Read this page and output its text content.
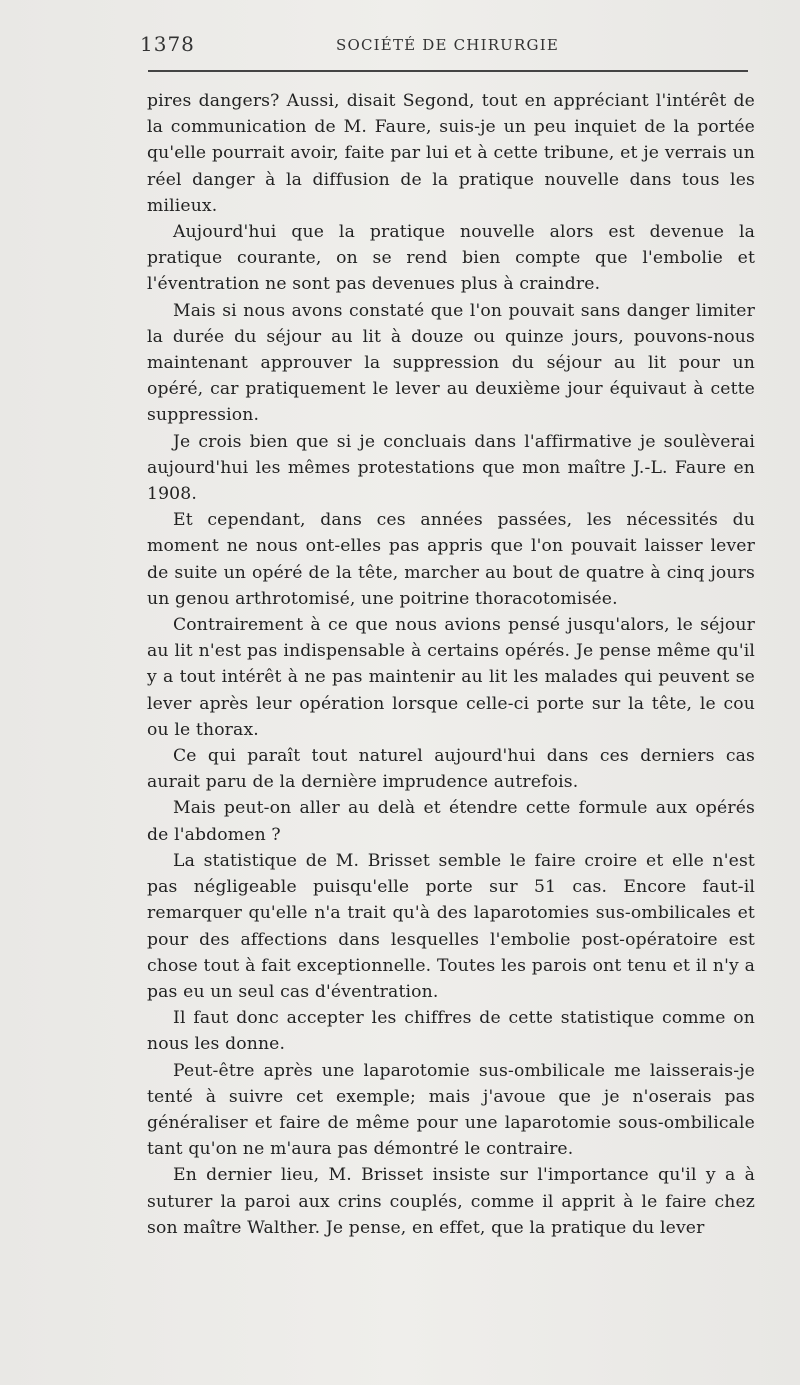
1378	SOCIÉTÉ DE CHIRURGIE

pires dangers? Aussi, disait Segond, tout en appréciant l'intérêt de la communication de M. Faure, suis-je un peu inquiet de la portée qu'elle pourrait avoir, faite par lui et à cette tribune, et je verrais un réel danger à la diffusion de la pratique nouvelle dans tous les milieux.

Aujourd'hui que la pratique nouvelle alors est devenue la pratique courante, on se rend bien compte que l'embolie et l'éventration ne sont pas devenues plus à craindre.

Mais si nous avons constaté que l'on pouvait sans danger limiter la durée du séjour au lit à douze ou quinze jours, pouvons-nous maintenant approuver la suppression du séjour au lit pour un opéré, car pratiquement le lever au deuxième jour équivaut à cette suppression.

Je crois bien que si je concluais dans l'affirmative je soulèverai aujourd'hui les mêmes protestations que mon maître J.-L. Faure en 1908.

Et cependant, dans ces années passées, les nécessités du moment ne nous ont-elles pas appris que l'on pouvait laisser lever de suite un opéré de la tête, marcher au bout de quatre à cinq jours un genou arthrotomisé, une poitrine thoracotomisée.

Contrairement à ce que nous avions pensé jusqu'alors, le séjour au lit n'est pas indispensable à certains opérés. Je pense même qu'il y a tout intérêt à ne pas maintenir au lit les malades qui peuvent se lever après leur opération lorsque celle-ci porte sur la tête, le cou ou le thorax.

Ce qui paraît tout naturel aujourd'hui dans ces derniers cas aurait paru de la dernière imprudence autrefois.

Mais peut-on aller au delà et étendre cette formule aux opérés de l'abdomen ?

La statistique de M. Brisset semble le faire croire et elle n'est pas négligeable puisqu'elle porte sur 51 cas. Encore faut-il remarquer qu'elle n'a trait qu'à des laparotomies sus-ombilicales et pour des affections dans lesquelles l'embolie post-opératoire est chose tout à fait exceptionnelle. Toutes les parois ont tenu et il n'y a pas eu un seul cas d'éventration.

Il faut donc accepter les chiffres de cette statistique comme on nous les donne.

Peut-être après une laparotomie sus-ombilicale me laisserais-je tenté à suivre cet exemple; mais j'avoue que je n'oserais pas généraliser et faire de même pour une laparotomie sous-ombilicale tant qu'on ne m'aura pas démontré le contraire.

En dernier lieu, M. Brisset insiste sur l'importance qu'il y a à suturer la paroi aux crins couplés, comme il apprit à le faire chez son maître Walther. Je pense, en effet, que la pratique du lever
